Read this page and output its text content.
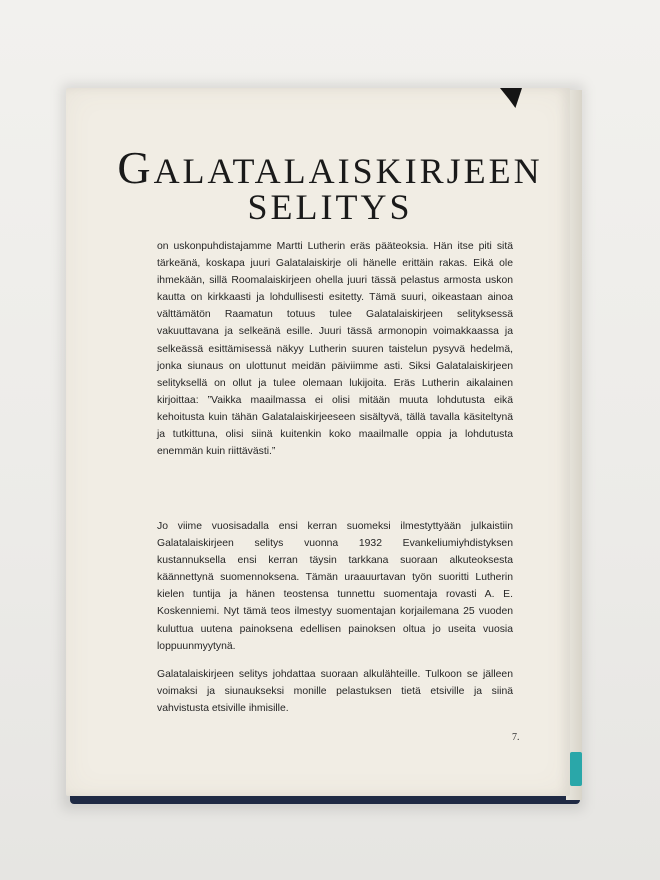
GALATALAISKIRJEEN
SELITYS

on uskonpuhdistajamme Martti Lutherin eräs pääteoksia. Hän itse piti sitä tärkeänä, koskapa juuri Galatalaiskirje oli hänelle erittäin rakas. Eikä ole ihmekään, sillä Roomalaiskirjeen ohella juuri tässä pelastus armosta uskon kautta on kirkkaasti ja lohdullisesti esitetty. Tämä suuri, oikeastaan ainoa välttämätön Raamatun totuus tulee Galatalaiskirjeen selityksessä vakuuttavana ja selkeänä esille. Juuri tässä armonopin voimakkaassa ja selkeässä esittämisessä näkyy Lutherin suuren taistelun pysyvä hedelmä, jonka siunaus on ulottunut meidän päiviimme asti. Siksi Galatalaiskirjeen selityksellä on ollut ja tulee olemaan lukijoita. Eräs Lutherin aikalainen kirjoittaa: ”Vaikka maailmassa ei olisi mitään muuta lohdutusta eikä kehoitusta kuin tähän Galatalaiskirjeeseen sisältyvä, tällä tavalla käsiteltynä ja tutkittuna, olisi siinä kuitenkin koko maailmalle oppia ja lohdutusta enemmän kuin riittävästi.”

Jo viime vuosisadalla ensi kerran suomeksi ilmestyttyään julkaistiin Galatalaiskirjeen selitys vuonna 1932 Evankeliumiyhdistyksen kustannuksella ensi kerran täysin tarkkana suoraan alkuteoksesta käännettynä suomennoksena. Tämän uraauurtavan työn suoritti Lutherin kielen tuntija ja hänen teostensa tunnettu suomentaja rovasti A. E. Koskenniemi. Nyt tämä teos ilmestyy suomentajan korjailemana 25 vuoden kuluttua uutena painoksena edellisen painoksen oltua jo useita vuosia loppuunmyytynä.

Galatalaiskirjeen selitys johdattaa suoraan alkulähteille. Tulkoon se jälleen voimaksi ja siunaukseksi monille pelastuksen tietä etsiville ja siinä vahvistusta etsiville ihmisille.

7.
